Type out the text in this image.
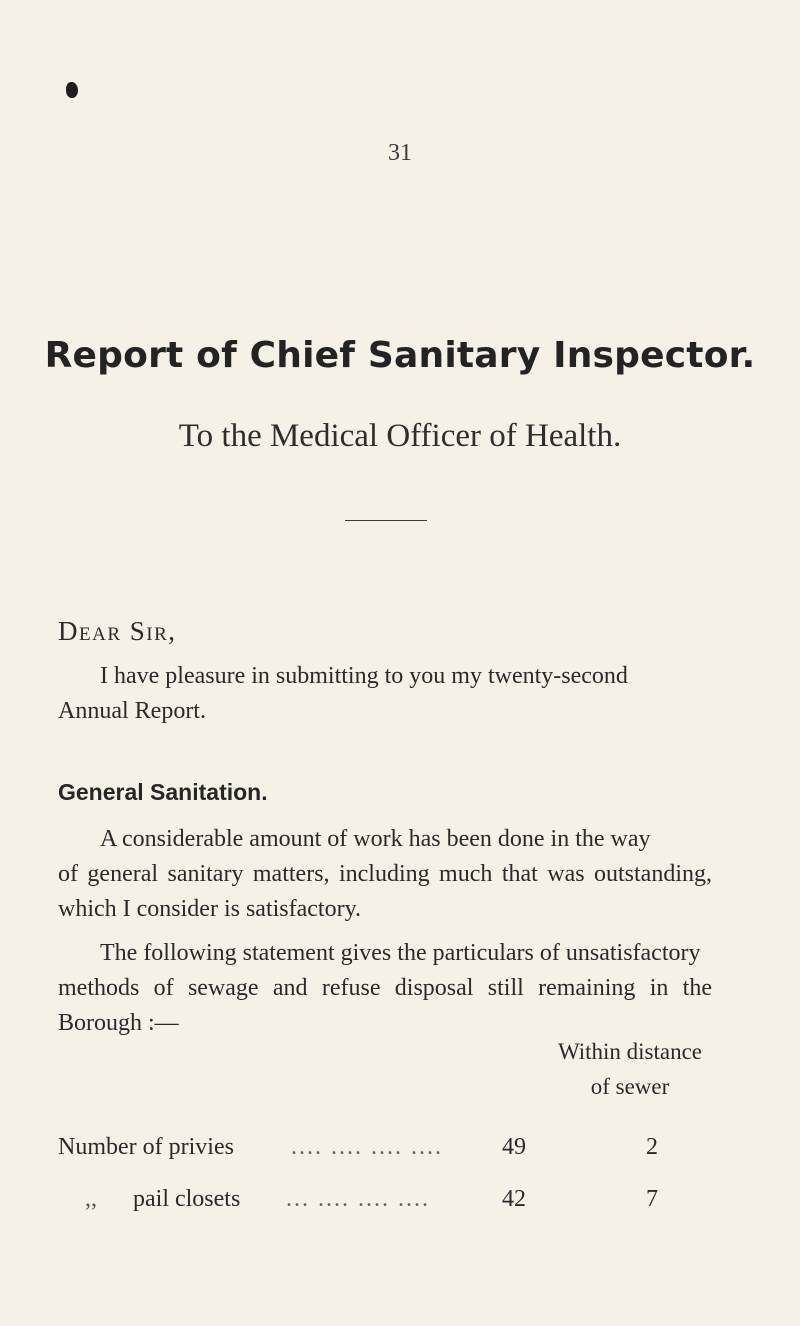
31
Report of Chief Sanitary Inspector.
To the Medical Officer of Health.
Dear Sir,
I have pleasure in submitting to you my twenty-second
Annual Report.
General Sanitation.
A considerable amount of work has been done in the way
of general sanitary matters, including much that was outstanding, which I consider is satisfactory.
The following statement gives the particulars of unsatisfactory
methods of sewage and refuse disposal still remaining in the Borough :—
Within distance
of sewer
Number of privies .... .... .... ....	49	2
,, pail closets ... .... .... ....	42	7
